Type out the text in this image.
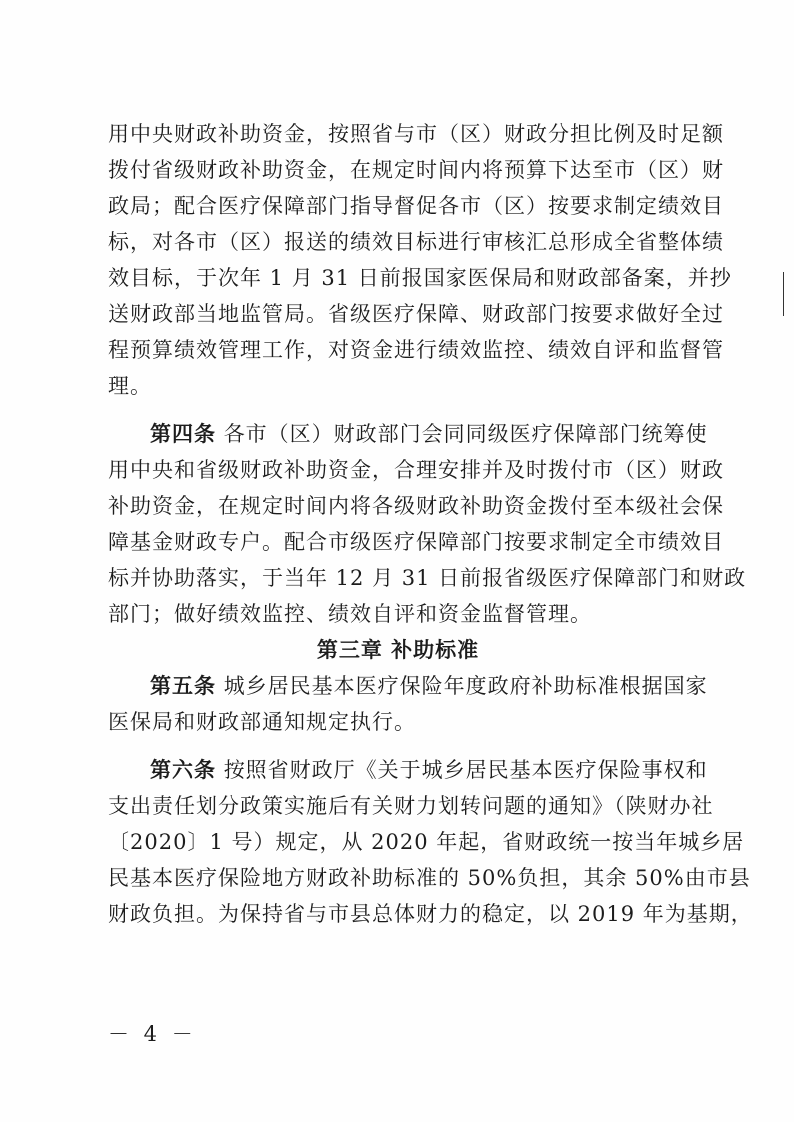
用中央财政补助资金，按照省与市（区）财政分担比例及时足额
拨付省级财政补助资金，在规定时间内将预算下达至市（区）财
政局；配合医疗保障部门指导督促各市（区）按要求制定绩效目
标，对各市（区）报送的绩效目标进行审核汇总形成全省整体绩
效目标，于次年 1 月 31 日前报国家医保局和财政部备案，并抄
送财政部当地监管局。省级医疗保障、财政部门按要求做好全过
程预算绩效管理工作，对资金进行绩效监控、绩效自评和监督管
理。
第四条 各市（区）财政部门会同同级医疗保障部门统筹使
用中央和省级财政补助资金，合理安排并及时拨付市（区）财政
补助资金，在规定时间内将各级财政补助资金拨付至本级社会保
障基金财政专户。配合市级医疗保障部门按要求制定全市绩效目
标并协助落实，于当年 12 月 31 日前报省级医疗保障部门和财政
部门；做好绩效监控、绩效自评和资金监督管理。
第三章 补助标准
第五条 城乡居民基本医疗保险年度政府补助标准根据国家
医保局和财政部通知规定执行。
第六条 按照省财政厅《关于城乡居民基本医疗保险事权和
支出责任划分政策实施后有关财力划转问题的通知》（陕财办社
〔2020〕1 号）规定，从 2020 年起，省财政统一按当年城乡居
民基本医疗保险地方财政补助标准的 50%负担，其余 50%由市县
财政负担。为保持省与市县总体财力的稳定，以 2019 年为基期，
－ 4 －
